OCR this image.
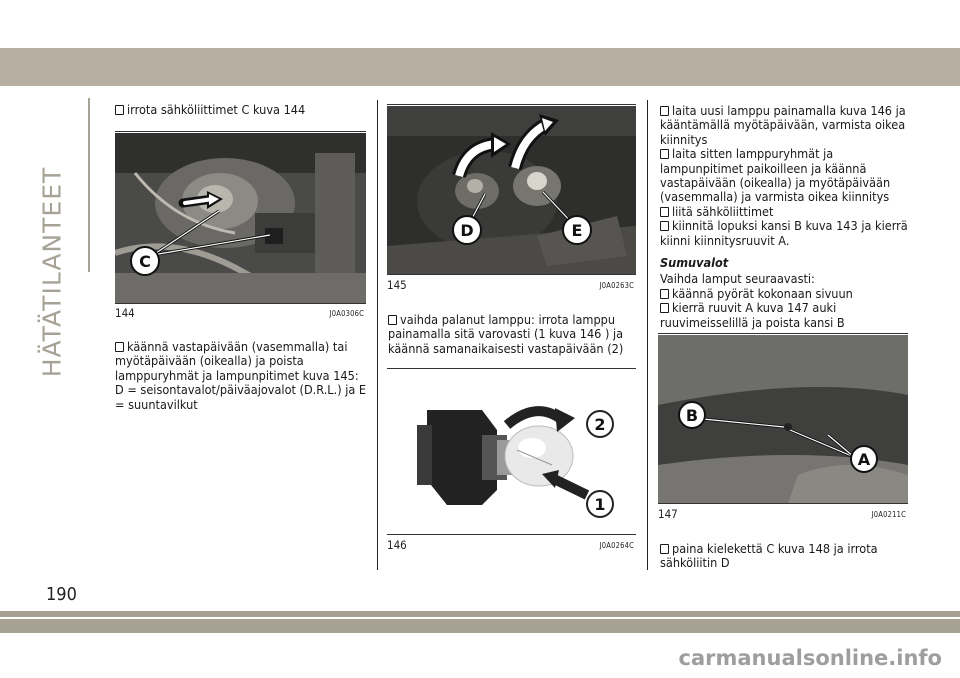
HÄTÄTILANTEET

irrota sähköliittimet C kuva 144

C
144	J0A0306C

käännä vastapäivään (vasemmalla) tai myötäpäivään (oikealla) ja poista lamppuryhmät ja lampunpitimet kuva 145: D = seisontavalot/päiväajovalot (D.R.L.) ja E = suuntavilkut

D	E
145	J0A0263C

vaihda palanut lamppu: irrota lamppu painamalla sitä varovasti (1 kuva 146 ) ja käännä samanaikaisesti vastapäivään (2)

2
1
146	J0A0264C

laita uusi lamppu painamalla kuva 146 ja kääntämällä myötäpäivään, varmista oikea kiinnitys

laita sitten lamppuryhmät ja lampunpitimet paikoilleen ja käännä vastapäivään (oikealla) ja myötäpäivään (vasemmalla) ja varmista oikea kiinnitys

liitä sähköliittimet

kiinnitä lopuksi kansi B kuva 143 ja kierrä kiinni kiinnitysruuvit A.

Sumuvalot

Vaihda lamput seuraavasti:

käännä pyörät kokonaan sivuun

kierrä ruuvit A kuva 147 auki ruuvimeisselillä ja poista kansi B

B
A
147	J0A0211C

paina kielekettä C kuva 148 ja irrota sähköliitin D

190
carmanualsonline.info
